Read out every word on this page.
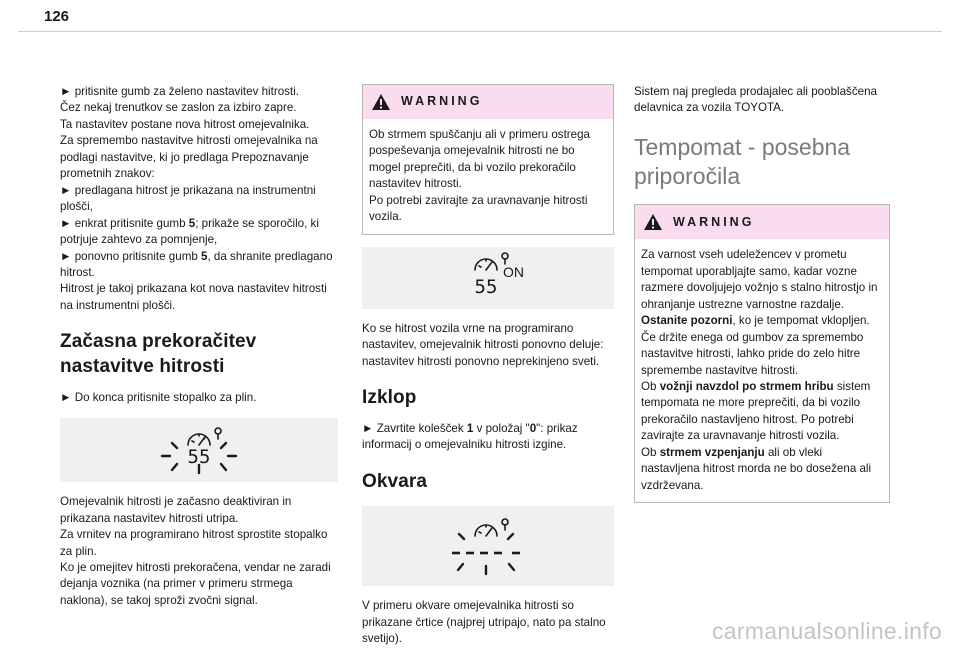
126

► pritisnite gumb za želeno nastavitev hitrosti.
Čez nekaj trenutkov se zaslon za izbiro zapre.
Ta nastavitev postane nova hitrost omejevalnika.
Za spremembo nastavitve hitrosti omejevalnika na podlagi nastavitve, ki jo predlaga Prepoznavanje prometnih znakov:

► predlagana hitrost je prikazana na instrumentni plošči,

► enkrat pritisnite gumb 5; prikaže se sporočilo, ki potrjuje zahtevo za pomnjenje,

► ponovno pritisnite gumb 5, da shranite predlagano hitrost.
Hitrost je takoj prikazana kot nova nastavitev hitrosti na instrumentni plošči.

Začasna prekoračitev nastavitve hitrosti

► Do konca pritisnite stopalko za plin.

55

Omejevalnik hitrosti je začasno deaktiviran in prikazana nastavitev hitrosti utripa.
Za vrnitev na programirano hitrost sprostite stopalko za plin.
Ko je omejitev hitrosti prekoračena, vendar ne zaradi dejanja voznika (na primer v primeru strmega naklona), se takoj sproži zvočni signal.

WARNING
Ob strmem spuščanju ali v primeru ostrega pospeševanja omejevalnik hitrosti ne bo mogel preprečiti, da bi vozilo prekoračilo nastavitev hitrosti.
Po potrebi zavirajte za uravnavanje hitrosti vozila.
55
ON

Ko se hitrost vozila vrne na programirano nastavitev, omejevalnik hitrosti ponovno deluje: nastavitev hitrosti ponovno neprekinjeno sveti.

Izklop

► Zavrtite kolešček 1 v položaj "0": prikaz informacij o omejevalniku hitrosti izgine.

Okvara

V primeru okvare omejevalnika hitrosti so prikazane črtice (najprej utripajo, nato pa stalno svetijo).

Sistem naj pregleda prodajalec ali pooblaščena delavnica za vozila TOYOTA.

Tempomat - posebna priporočila
WARNING

Za varnost vseh udeležencev v prometu tempomat uporabljajte samo, kadar vozne razmere dovoljujejo vožnjo s stalno hitrostjo in ohranjanje ustrezne varnostne razdalje.

Ostanite pozorni, ko je tempomat vklopljen.
Če držite enega od gumbov za spremembo nastavitve hitrosti, lahko pride do zelo hitre spremembe nastavitve hitrosti.
Ob vožnji navzdol po strmem hribu sistem tempomata ne more preprečiti, da bi vozilo prekoračilo nastavljeno hitrost. Po potrebi zavirajte za uravnavanje hitrosti vozila.
Ob strmem vzpenjanju ali ob vleki nastavljena hitrost morda ne bo dosežena ali vzdrževana.

carmanualsonline.info
